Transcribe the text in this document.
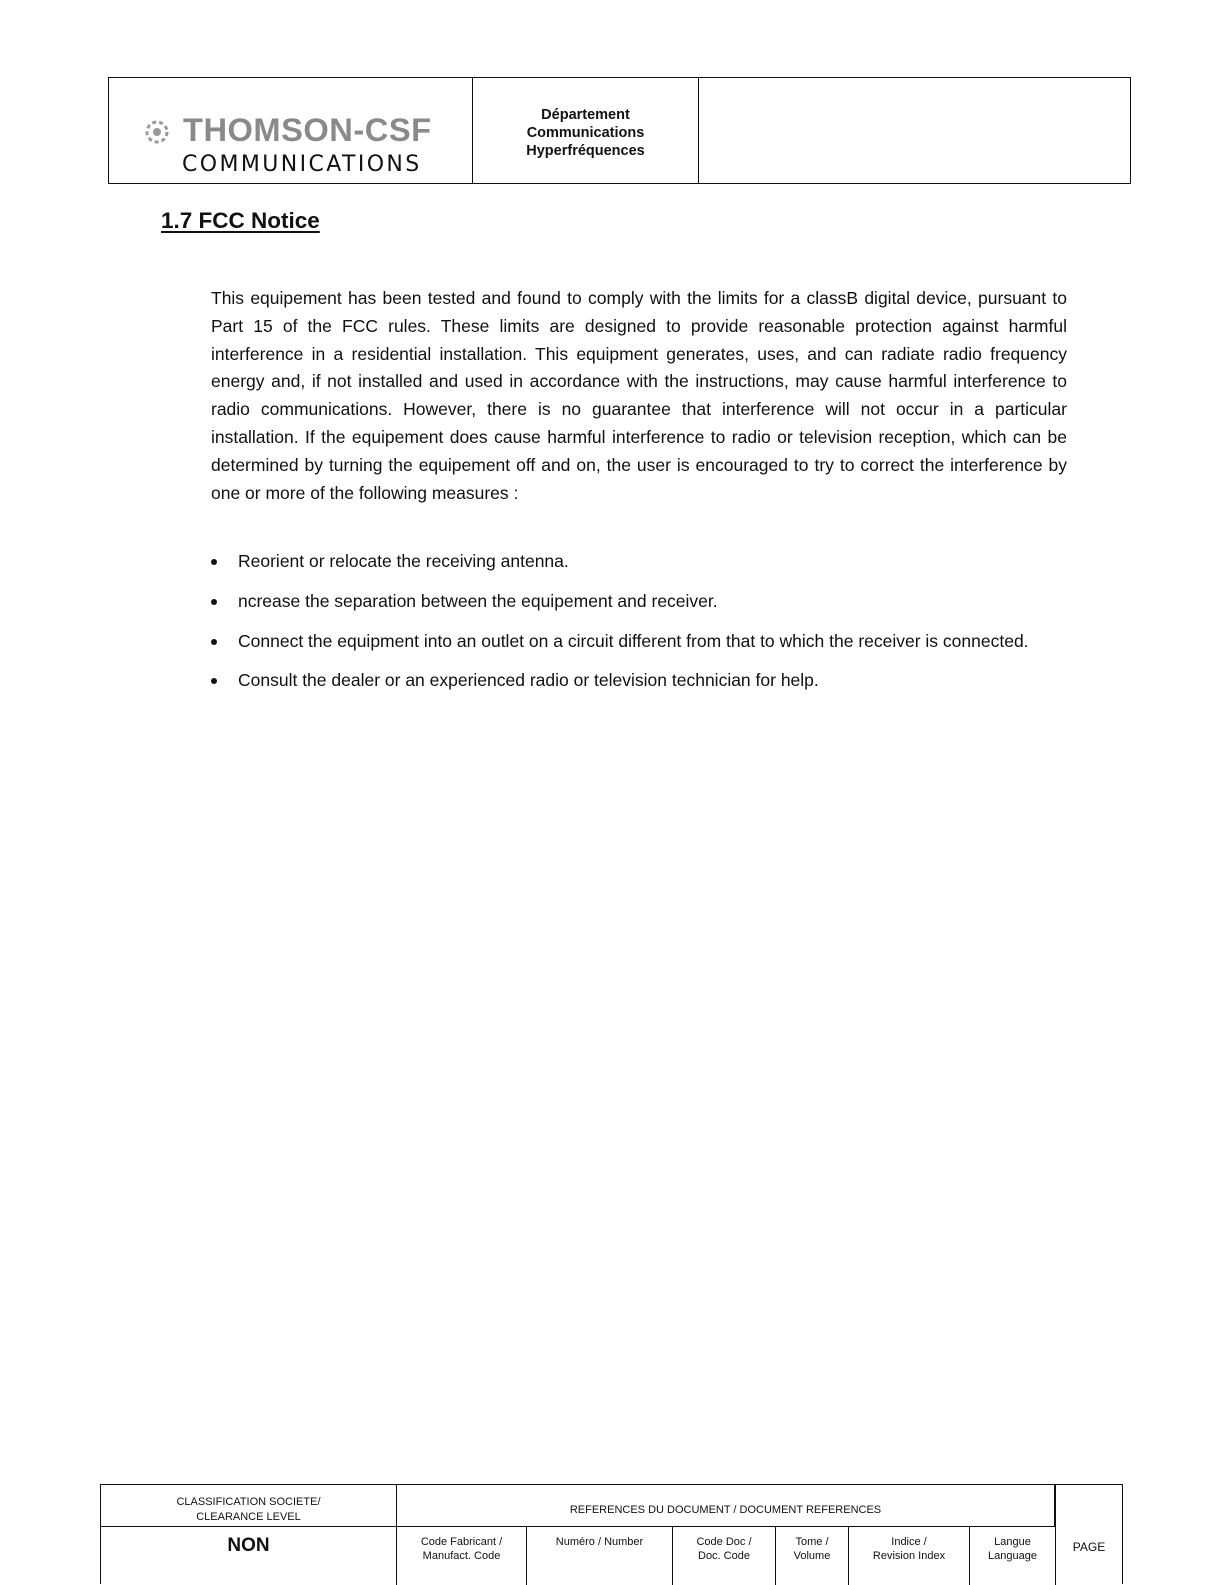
THOMSON-CSF
COMMUNICATIONS
Département
Communications
Hyperfréquences
1.7 FCC Notice

This equipement has been tested and found to comply with the limits for a classB digital device, pursuant to Part 15 of the FCC rules. These limits are designed to provide reasonable protection against harmful interference in a residential installation. This equipment generates, uses, and can radiate radio frequency energy and, if not installed and used in accordance with the instructions, may cause harmful interference to radio communications. However, there is no guarantee that interference will not occur in a particular installation. If the equipement does cause harmful interference to radio or television reception, which can be determined by turning the equipement off and on, the user is encouraged to try to correct the interference by one or more of the following measures :

Reorient or relocate the receiving antenna.
ncrease the separation between the equipement and receiver.
Connect the equipment into an outlet on a circuit different from that to which the receiver is connected.
Consult the dealer or an experienced radio or television technician for help.
CLASSIFICATION SOCIETE/
CLEARANCE LEVEL
REFERENCES DU DOCUMENT / DOCUMENT REFERENCES
NON	Code Fabricant /
Manufact. Code
Numéro / Number	Code Doc /
Doc. Code
Tome /
Volume
Indice /
Revision Index
Langue
Language
PAGE
